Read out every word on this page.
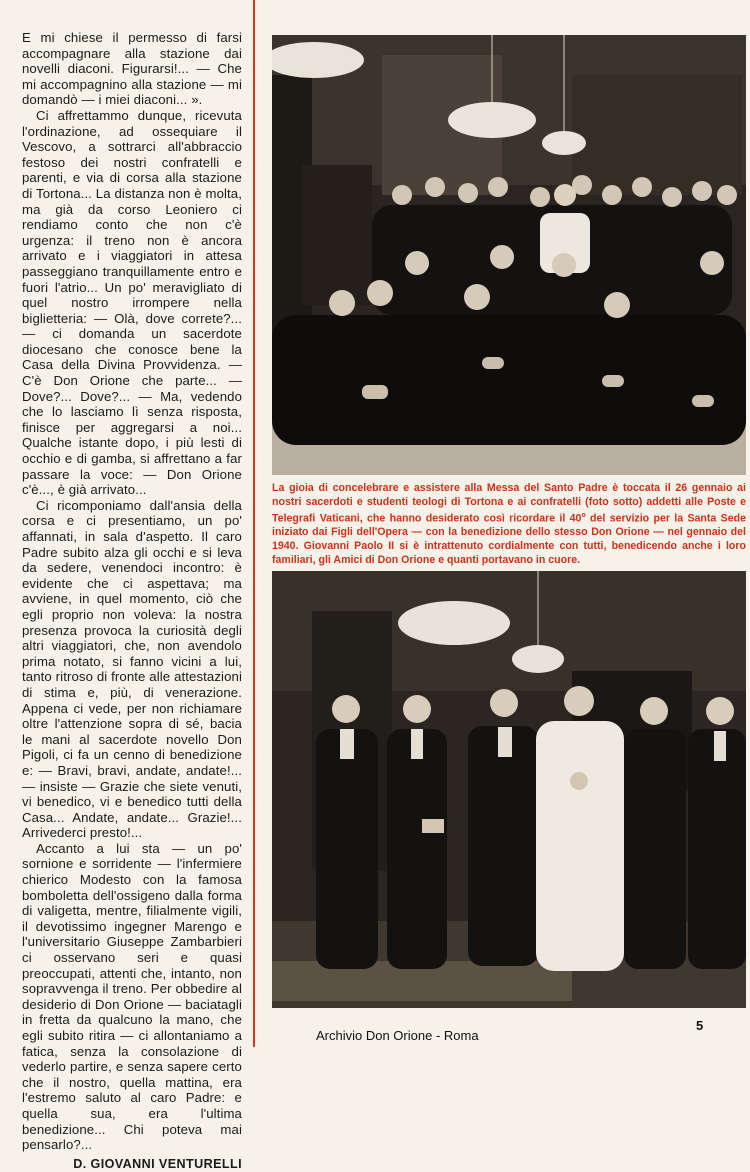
E mi chiese il permesso di farsi accompagnare alla stazione dai novelli diaconi. Figurarsi!... — Che mi accompagnino alla stazione — mi domandò — i miei diaconi... ».

Ci affrettammo dunque, ricevuta l'ordinazione, ad ossequiare il Vescovo, a sottrarci all'abbraccio festoso dei nostri confratelli e parenti, e via di corsa alla stazione di Tortona... La distanza non è molta, ma già da corso Leoniero ci rendiamo conto che non c'è urgenza: il treno non è ancora arrivato e i viaggiatori in attesa passeggiano tranquillamente entro e fuori l'atrio... Un po' meravigliato di quel nostro irrompere nella biglietteria: — Olà, dove correte?... — ci domanda un sacerdote diocesano che conosce bene la Casa della Divina Provvidenza. — C'è Don Orione che parte... — Dove?... Dove?... — Ma, vedendo che lo lasciamo lì senza risposta, finisce per aggregarsi a noi... Qualche istante dopo, i più lesti di occhio e di gamba, si affrettano a far passare la voce: — Don Orione c'è..., è già arrivato...

Ci ricomponiamo dall'ansia della corsa e ci presentiamo, un po' affannati, in sala d'aspetto. Il caro Padre subito alza gli occhi e si leva da sedere, venendoci incontro: è evidente che ci aspettava; ma avviene, in quel momento, ciò che egli proprio non voleva: la nostra presenza provoca la curiosità degli altri viaggiatori, che, non avendolo prima notato, si fanno vicini a lui, tanto ritroso di fronte alle attestazioni di stima e, più, di venerazione. Appena ci vede, per non richiamare oltre l'attenzione sopra di sé, bacia le mani al sacerdote novello Don Pigoli, ci fa un cenno di benedizione e: — Bravi, bravi, andate, andate!... — insiste — Grazie che siete venuti, vi benedico, vi e benedico tutti della Casa... Andate, andate... Grazie!... Arrivederci presto!...

Accanto a lui sta — un po' sornione e sorridente — l'infermiere chierico Modesto con la famosa bomboletta dell'ossigeno dalla forma di valigetta, mentre, filialmente vigili, il devotissimo ingegner Marengo e l'universitario Giuseppe Zambarbieri ci osservano seri e quasi preoccupati, attenti che, intanto, non sopravvenga il treno. Per obbedire al desiderio di Don Orione — baciatagli in fretta da qualcuno la mano, che egli subito ritira — ci allontaniamo a fatica, senza la consolazione di vederlo partire, e senza sapere certo che il nostro, quella mattina, era l'estremo saluto al caro Padre: e quella sua, era l'ultima benedizione... Chi poteva mai pensarlo?...

D. GIOVANNI VENTURELLI
La gioia di concelebrare e assistere alla Messa del Santo Padre è toccata il 26 gennaio ai nostri sacerdoti e studenti teologi di Tortona e ai confratelli (foto sotto) addetti alle Poste e Telegrafi Vaticani, che hanno desiderato così ricordare il 40$^o$ del servizio per la Santa Sede iniziato dai Figli dell'Opera — con la benedizione dello stesso Don Orione — nel gennaio del 1940. Giovanni Paolo II si è intrattenuto cordialmente con tutti, benedicendo anche i loro familiari, gli Amici di Don Orione e quanti portavano in cuore.
Archivio Don Orione - Roma
5
